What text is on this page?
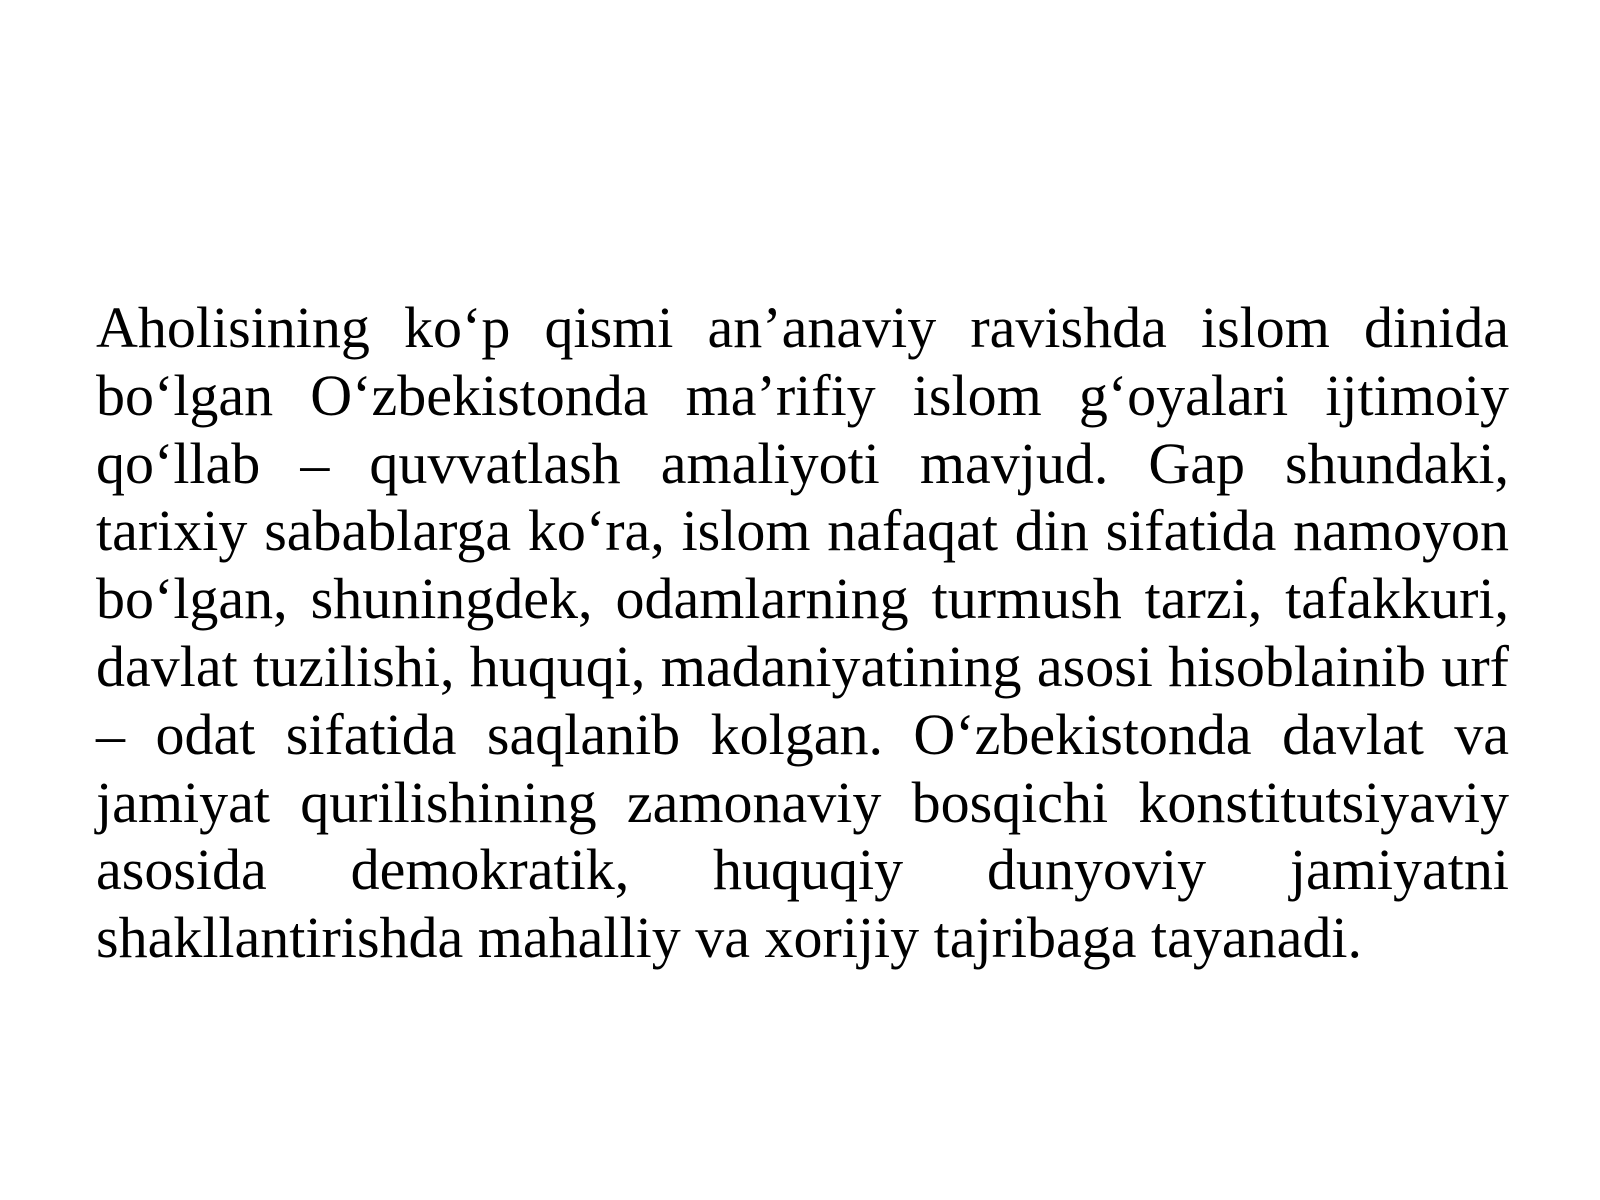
Aholisining ko‘p qismi an’anaviy ravishda islom dinida bo‘lgan O‘zbekistonda ma’rifiy islom g‘oyalari ijtimoiy qo‘llab – quvvatlash amaliyoti mavjud. Gap shundaki, tarixiy sabablarga ko‘ra, islom nafaqat din sifatida namoyon bo‘lgan, shuningdek, odamlarning turmush tarzi, tafakkuri, davlat tuzilishi, huquqi, madaniyatining asosi hisoblainib urf – odat sifatida saqlanib kolgan. O‘zbekistonda davlat va jamiyat qurilishining zamonaviy bosqichi konstitutsiyaviy asosida demokratik, huquqiy dunyoviy jamiyatni shakllantirishda mahalliy va xorijiy tajribaga tayanadi.
